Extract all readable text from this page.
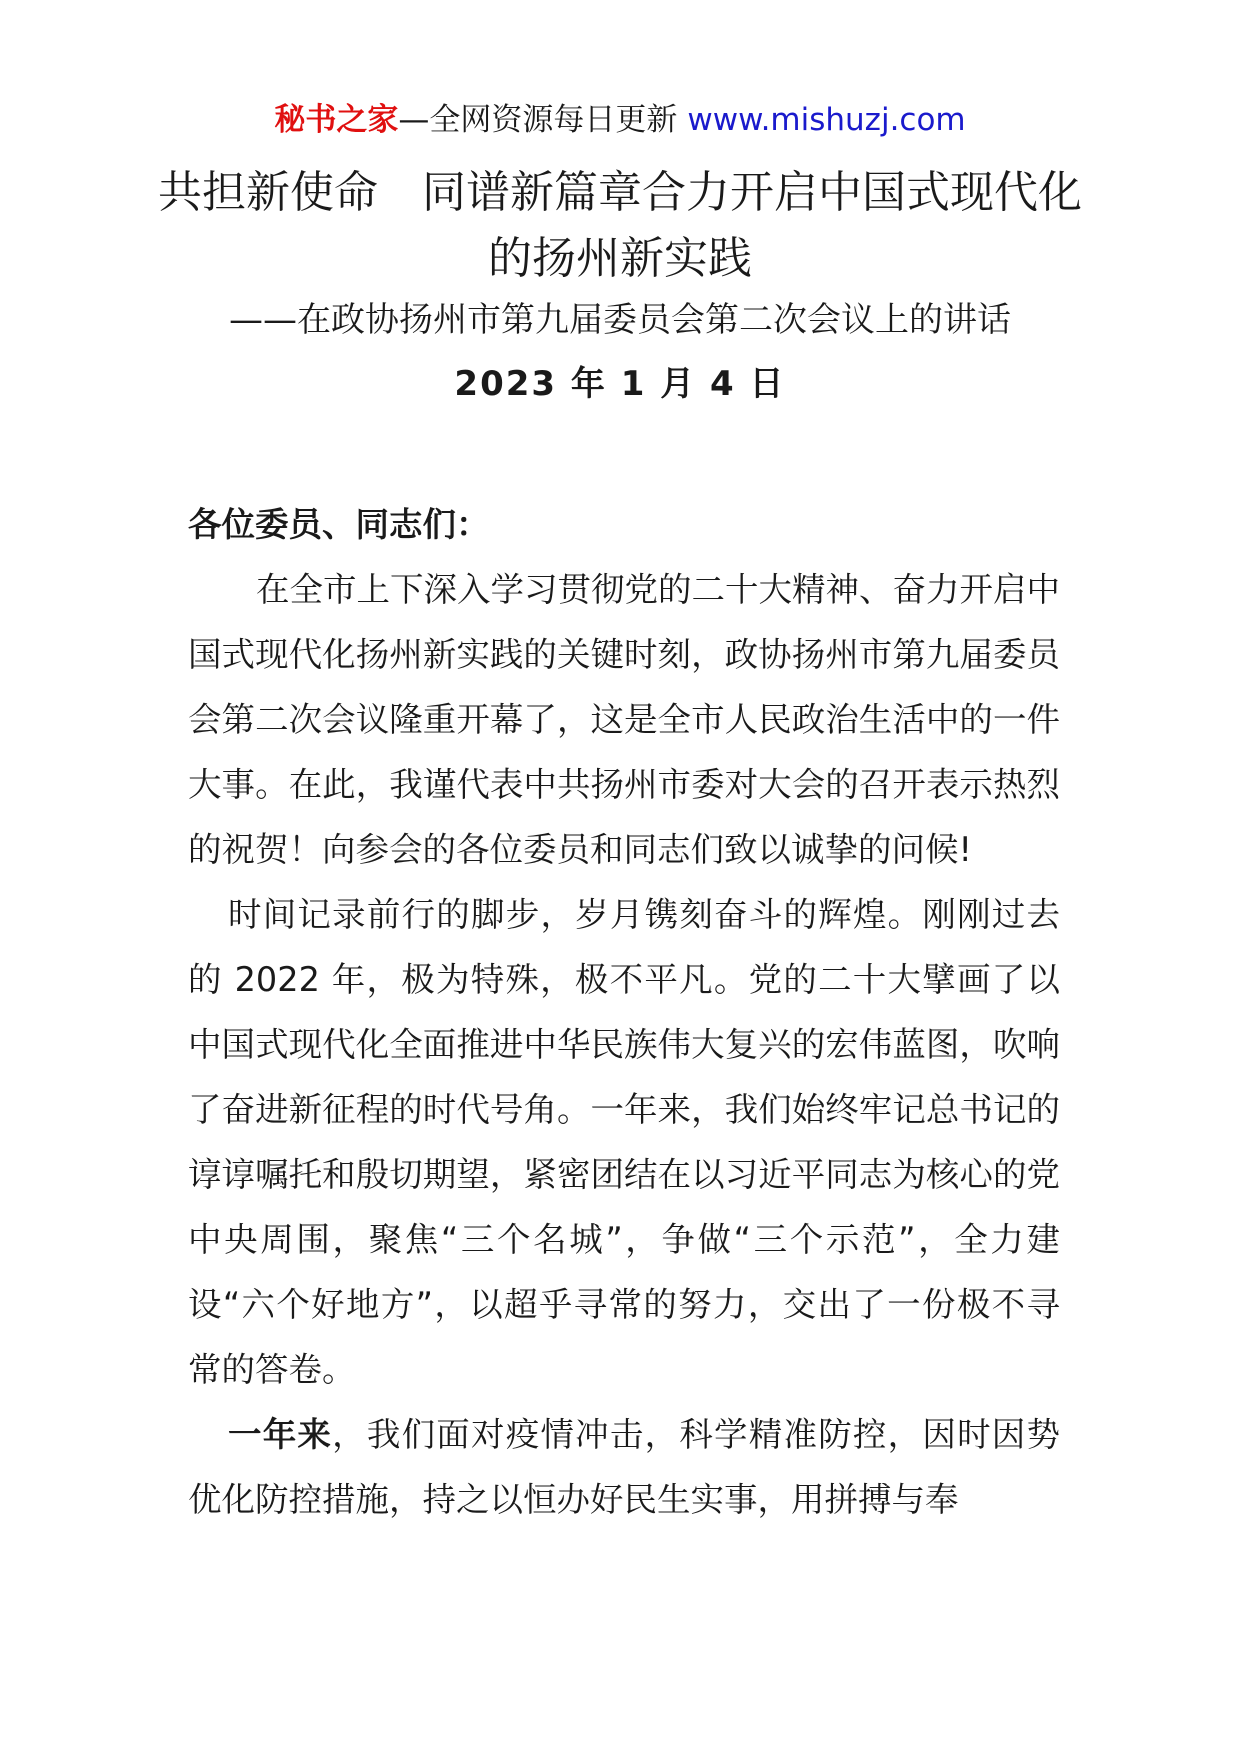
秘书之家—全网资源每日更新 www.mishuzj.com
共担新使命　同谱新篇章合力开启中国式现代化的扬州新实践
——在政协扬州市第九届委员会第二次会议上的讲话
2023 年 1 月 4 日

各位委员、同志们：

在全市上下深入学习贯彻党的二十大精神、奋力开启中国式现代化扬州新实践的关键时刻，政协扬州市第九届委员会第二次会议隆重开幕了，这是全市人民政治生活中的一件大事。在此，我谨代表中共扬州市委对大会的召开表示热烈的祝贺！向参会的各位委员和同志们致以诚挚的问候!

时间记录前行的脚步，岁月镌刻奋斗的辉煌。刚刚过去的 2022 年，极为特殊，极不平凡。党的二十大擘画了以中国式现代化全面推进中华民族伟大复兴的宏伟蓝图，吹响了奋进新征程的时代号角。一年来，我们始终牢记总书记的谆谆嘱托和殷切期望，紧密团结在以习近平同志为核心的党中央周围，聚焦“三个名城”，争做“三个示范”，全力建设“六个好地方”，以超乎寻常的努力，交出了一份极不寻常的答卷。

一年来，我们面对疫情冲击，科学精准防控，因时因势优化防控措施，持之以恒办好民生实事，用拼搏与奉
